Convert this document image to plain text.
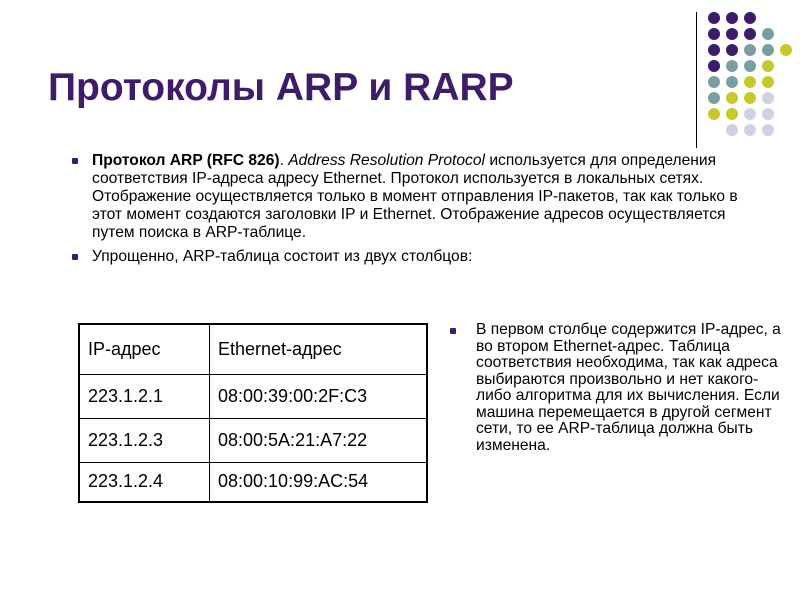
Протоколы ARP и RARP
Протокол ARP (RFC 826). Address Resolution Protocol используется для определения соответствия IP-адреса адресу Ethernet. Протокол используется в локальных сетях. Отображение осуществляется только в момент отправления IP-пакетов, так как только в этот момент создаются заголовки IP и Ethernet. Отображение адресов осуществляется путем поиска в ARP-таблице.
Упрощенно, ARP-таблица состоит из двух столбцов:
IP-адрес	Ethernet-адрес
223.1.2.1	08:00:39:00:2F:C3
223.1.2.3	08:00:5A:21:A7:22
223.1.2.4	08:00:10:99:AC:54
В первом столбце содержится IP-адрес, а во втором Ethernet-адрес. Таблица соответствия необходима, так как адреса выбираются произвольно и нет какого-либо алгоритма для их вычисления. Если машина перемещается в другой сегмент сети, то ее ARP-таблица должна быть изменена.
